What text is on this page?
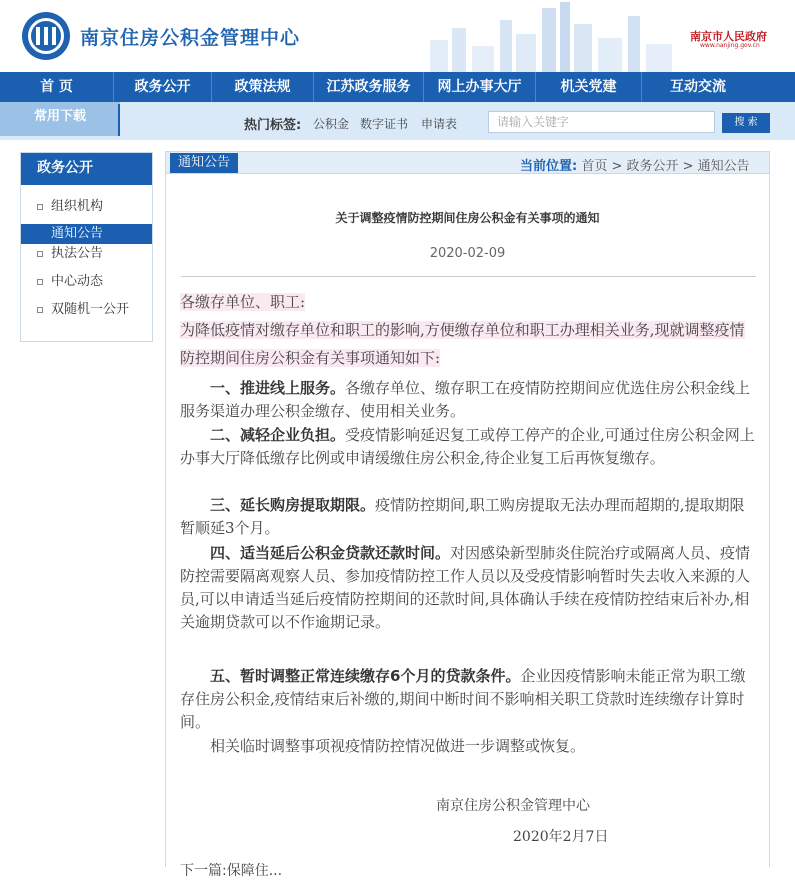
南京住房公积金管理中心	南京市人民政府
www.nanjing.gov.cn
首 页	政务公开	政策法规	江苏政务服务	网上办事大厅	机关党建	互动交流
常用下载
热门标签: 公积金 数字证书 申请表
请输入关键字	搜 索
政务公开
组织机构
通知公告
执法公告
中心动态
双随机一公开
通知公告	当前位置: 首页 > 政务公开 > 通知公告
关于调整疫情防控期间住房公积金有关事项的通知
2020-02-09
各缴存单位、职工:
为降低疫情对缴存单位和职工的影响,方便缴存单位和职工办理相关业务,现就调整疫情防控期间住房公积金有关事项通知如下:
一、推进线上服务。各缴存单位、缴存职工在疫情防控期间应优选住房公积金线上服务渠道办理公积金缴存、使用相关业务。
二、减轻企业负担。受疫情影响延迟复工或停工停产的企业,可通过住房公积金网上办事大厅降低缴存比例或申请缓缴住房公积金,待企业复工后再恢复缴存。
三、延长购房提取期限。疫情防控期间,职工购房提取无法办理而超期的,提取期限暂顺延3个月。
四、适当延后公积金贷款还款时间。对因感染新型肺炎住院治疗或隔离人员、疫情防控需要隔离观察人员、参加疫情防控工作人员以及受疫情影响暂时失去收入来源的人员,可以申请适当延后疫情防控期间的还款时间,具体确认手续在疫情防控结束后补办,相关逾期贷款可以不作逾期记录。
五、暂时调整正常连续缴存6个月的贷款条件。企业因疫情影响未能正常为职工缴存住房公积金,疫情结束后补缴的,期间中断时间不影响相关职工贷款时连续缴存计算时间。
相关临时调整事项视疫情防控情况做进一步调整或恢复。
南京住房公积金管理中心
2020年2月7日
下一篇:保障住...
